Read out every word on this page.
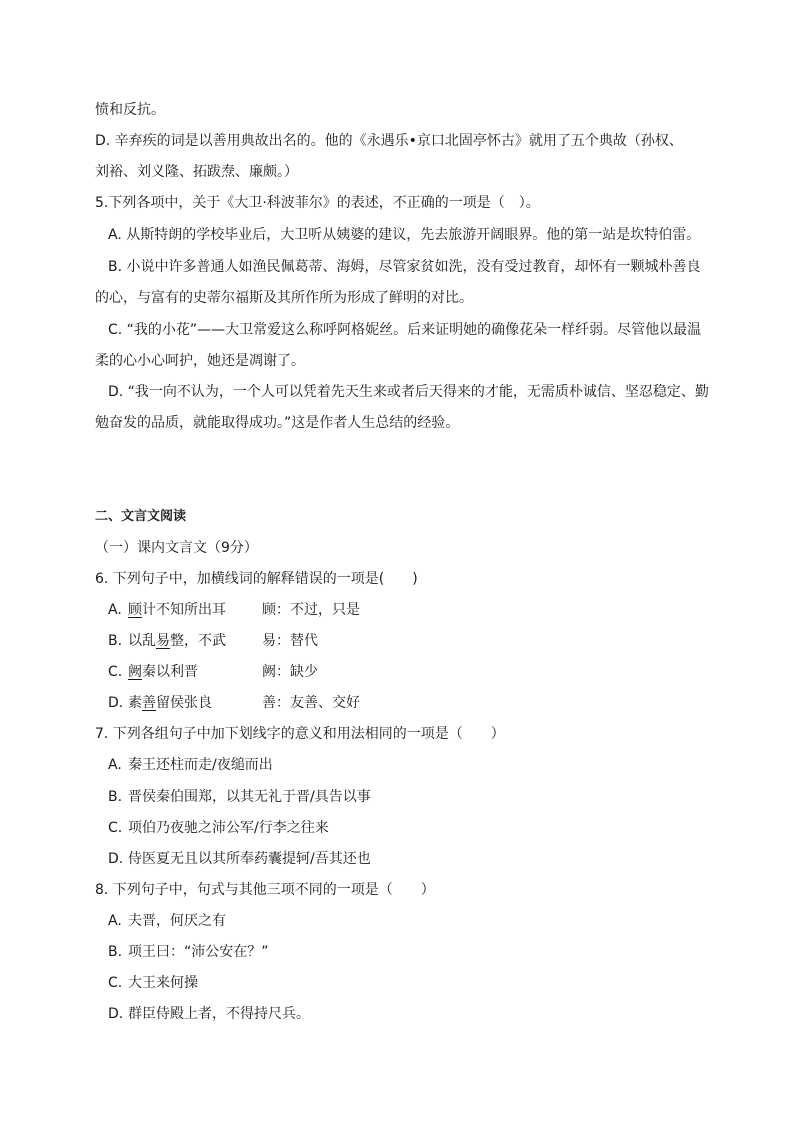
愤和反抗。
D. 辛弃疾的词是以善用典故出名的。他的《永遇乐•京口北固亭怀古》就用了五个典故（孙权、
刘裕、刘义隆、拓跋焘、廉颇。）
5.下列各项中，关于《大卫·科波菲尔》的表述，不正确的一项是（　）。
A. 从斯特朗的学校毕业后，大卫听从姨婆的建议，先去旅游开阔眼界。他的第一站是坎特伯雷。
B. 小说中许多普通人如渔民佩葛蒂、海姆，尽管家贫如洗，没有受过教育，却怀有一颗城朴善良
的心，与富有的史蒂尔福斯及其所作所为形成了鲜明的对比。
C. “我的小花”——大卫常爱这么称呼阿格妮丝。后来证明她的确像花朵一样纤弱。尽管他以最温
柔的心小心呵护，她还是凋谢了。
D. “我一向不认为，一个人可以凭着先天生来或者后天得来的才能，无需质朴诚信、坚忍稳定、勤
勉奋发的品质，就能取得成功。”这是作者人生总结的经验。
二、文言文阅读
（一）课内文言文（9分）
6. 下列句子中，加横线词的解释错误的一项是(　　)
A. 顾计不知所出耳	顾：不过，只是
B. 以乱易整，不武	易：替代
C. 阙秦以利晋	阙：缺少
D. 素善留侯张良	善：友善、交好
7. 下列各组句子中加下划线字的意义和用法相同的一项是（　　）
A. 秦王还柱而走/夜缒而出
B. 晋侯秦伯围郑，以其无礼于晋/具告以事
C. 项伯乃夜驰之沛公军/行李之往来
D. 侍医夏无且以其所奉药囊提轲/吾其还也
8. 下列句子中，句式与其他三项不同的一项是（　　）
A. 夫晋，何厌之有
B. 项王曰：“沛公安在？”
C. 大王来何操
D. 群臣侍殿上者，不得持尺兵。
